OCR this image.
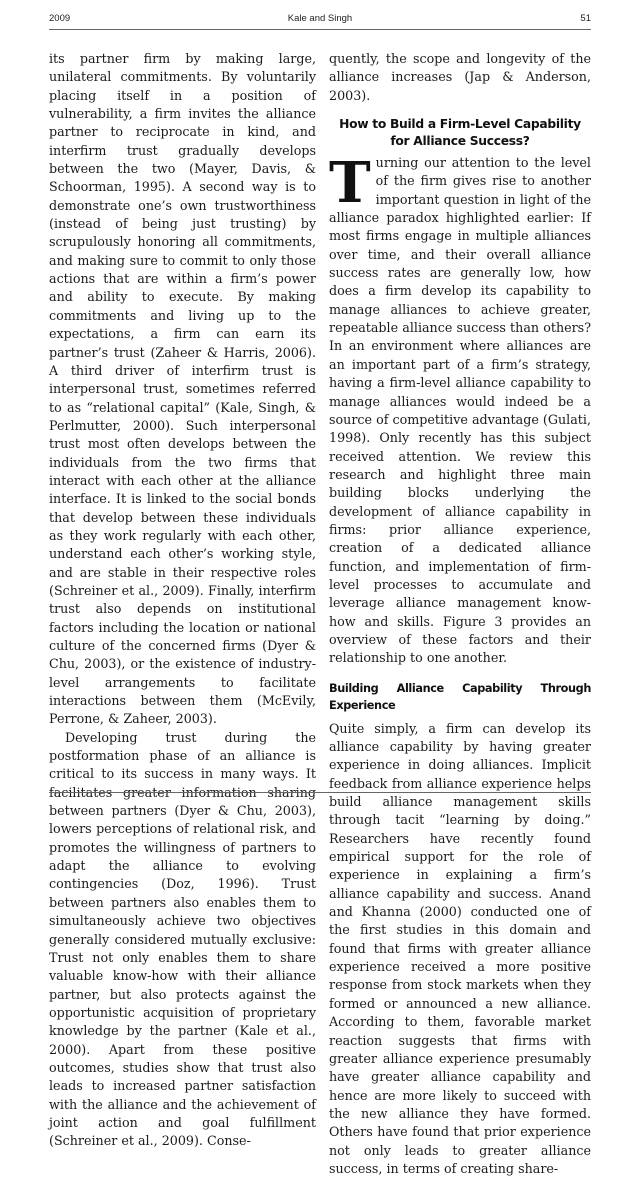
2009	Kale and Singh	51

its partner firm by making large, unilateral commitments. By voluntarily placing itself in a position of vulnerability, a firm invites the alliance partner to reciprocate in kind, and interfirm trust gradually develops between the two (Mayer, Davis, & Schoorman, 1995). A second way is to demonstrate one’s own trustworthiness (instead of being just trusting) by scrupulously honoring all commitments, and making sure to commit to only those actions that are within a firm’s power and ability to execute. By making commitments and living up to the expectations, a firm can earn its partner’s trust (Zaheer & Harris, 2006). A third driver of interfirm trust is interpersonal trust, sometimes referred to as “relational capital” (Kale, Singh, & Perlmutter, 2000). Such interpersonal trust most often develops between the individuals from the two firms that interact with each other at the alliance interface. It is linked to the social bonds that develop between these individuals as they work regularly with each other, understand each other’s working style, and are stable in their respective roles (Schreiner et al., 2009). Finally, interfirm trust also depends on institutional factors including the location or national culture of the concerned firms (Dyer & Chu, 2003), or the existence of industry-level arrangements to facilitate interactions between them (McEvily, Perrone, & Zaheer, 2003).

Developing trust during the postformation phase of an alliance is critical to its success in many ways. It facilitates greater information sharing between partners (Dyer & Chu, 2003), lowers perceptions of relational risk, and promotes the willingness of partners to adapt the alliance to evolving contingencies (Doz, 1996). Trust between partners also enables them to simultaneously achieve two objectives generally considered mutually exclusive: Trust not only enables them to share valuable know-how with their alliance partner, but also protects against the opportunistic acquisition of proprietary knowledge by the partner (Kale et al., 2000). Apart from these positive outcomes, studies show that trust also leads to increased partner satisfaction with the alliance and the achievement of joint action and goal fulfillment (Schreiner et al., 2009). Conse-

quently, the scope and longevity of the alliance increases (Jap & Anderson, 2003).

How to Build a Firm-Level Capability for Alliance Success?

Turning our attention to the level of the firm gives rise to another important question in light of the alliance paradox highlighted earlier: If most firms engage in multiple alliances over time, and their overall alliance success rates are generally low, how does a firm develop its capability to manage alliances to achieve greater, repeatable alliance success than others? In an environment where alliances are an important part of a firm’s strategy, having a firm-level alliance capability to manage alliances would indeed be a source of competitive advantage (Gulati, 1998). Only recently has this subject received attention. We review this research and highlight three main building blocks underlying the development of alliance capability in firms: prior alliance experience, creation of a dedicated alliance function, and implementation of firm-level processes to accumulate and leverage alliance management know-how and skills. Figure 3 provides an overview of these factors and their relationship to one another.

Building Alliance Capability Through Experience

Quite simply, a firm can develop its alliance capability by having greater experience in doing alliances. Implicit feedback from alliance experience helps build alliance management skills through tacit “learning by doing.” Researchers have recently found empirical support for the role of experience in explaining a firm’s alliance capability and success. Anand and Khanna (2000) conducted one of the first studies in this domain and found that firms with greater alliance experience received a more positive response from stock markets when they formed or announced a new alliance. According to them, favorable market reaction suggests that firms with greater alliance experience presumably have greater alliance capability and hence are more likely to succeed with the new alliance they have formed. Others have found that prior experience not only leads to greater alliance success, in terms of creating share-
